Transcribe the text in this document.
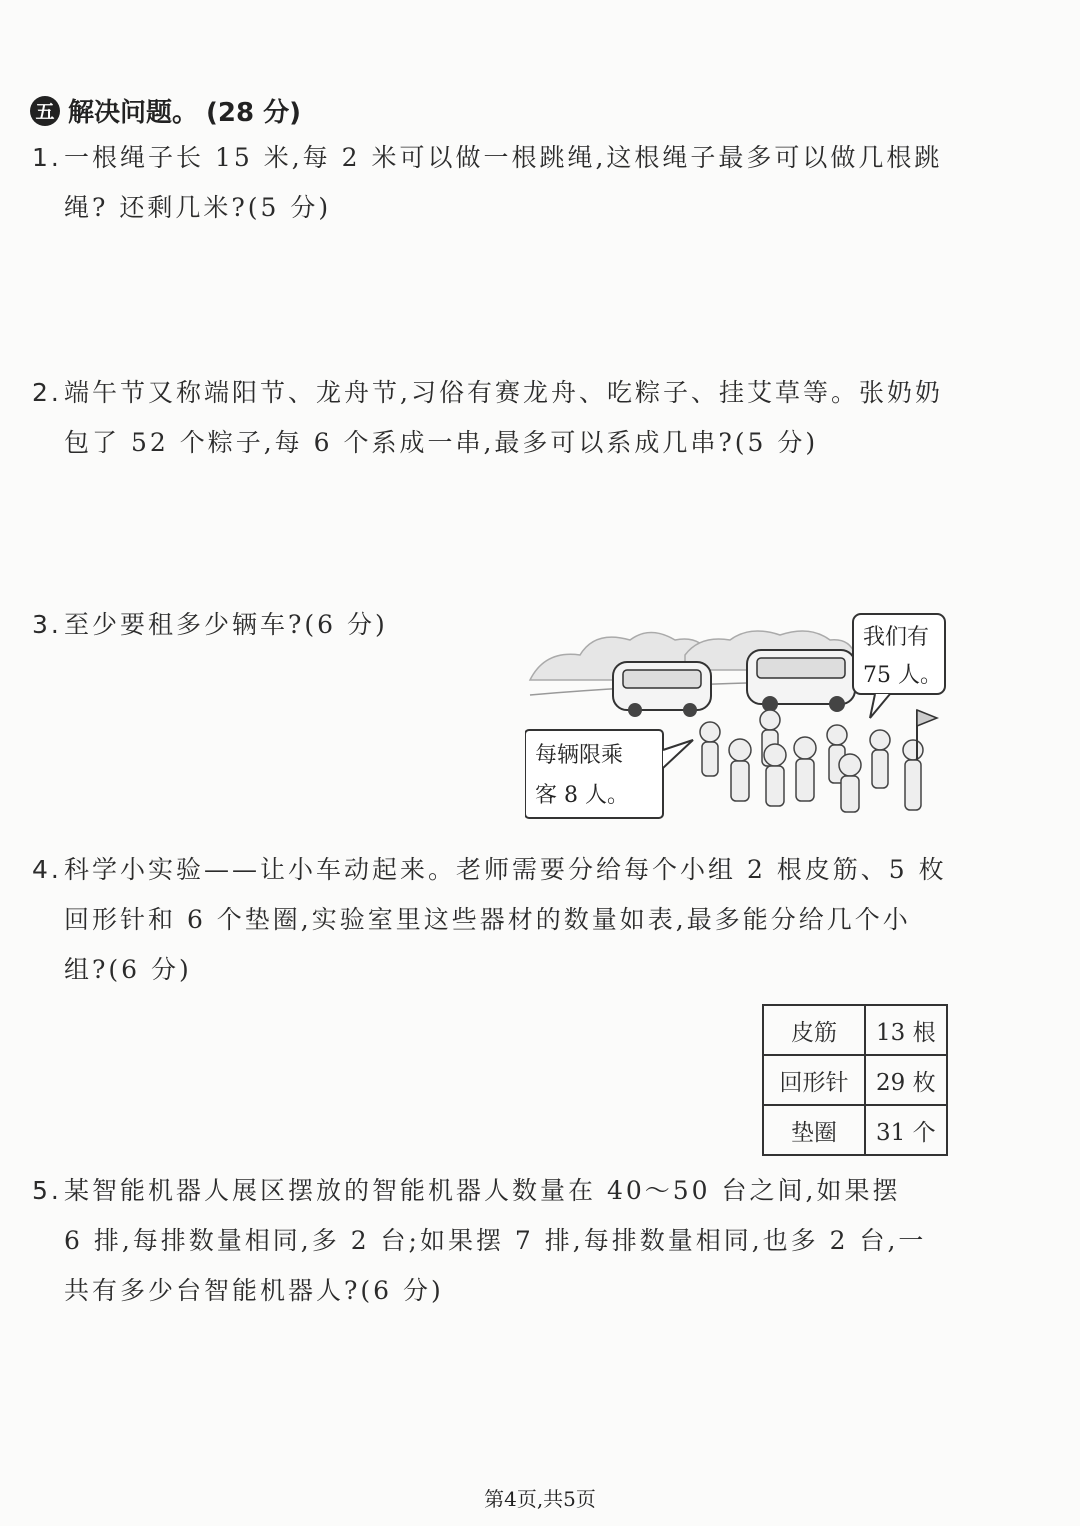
五 解决问题。 (28 分)
1.一根绳子长 15 米,每 2 米可以做一根跳绳,这根绳子最多可以做几根跳
绳? 还剩几米?(5 分)
2.端午节又称端阳节、龙舟节,习俗有赛龙舟、吃粽子、挂艾草等。张奶奶
包了 52 个粽子,每 6 个系成一串,最多可以系成几串?(5 分)
3.至少要租多少辆车?(6 分)	我们有
75 人。
每辆限乘
客 8 人。
4.科学小实验——让小车动起来。老师需要分给每个小组 2 根皮筋、5 枚
回形针和 6 个垫圈,实验室里这些器材的数量如表,最多能分给几个小
组?(6 分)
皮筋	13 根
回形针	29 枚
垫圈	31 个
5.某智能机器人展区摆放的智能机器人数量在 40～50 台之间,如果摆
6 排,每排数量相同,多 2 台;如果摆 7 排,每排数量相同,也多 2 台,一
共有多少台智能机器人?(6 分)
第4页,共5页
